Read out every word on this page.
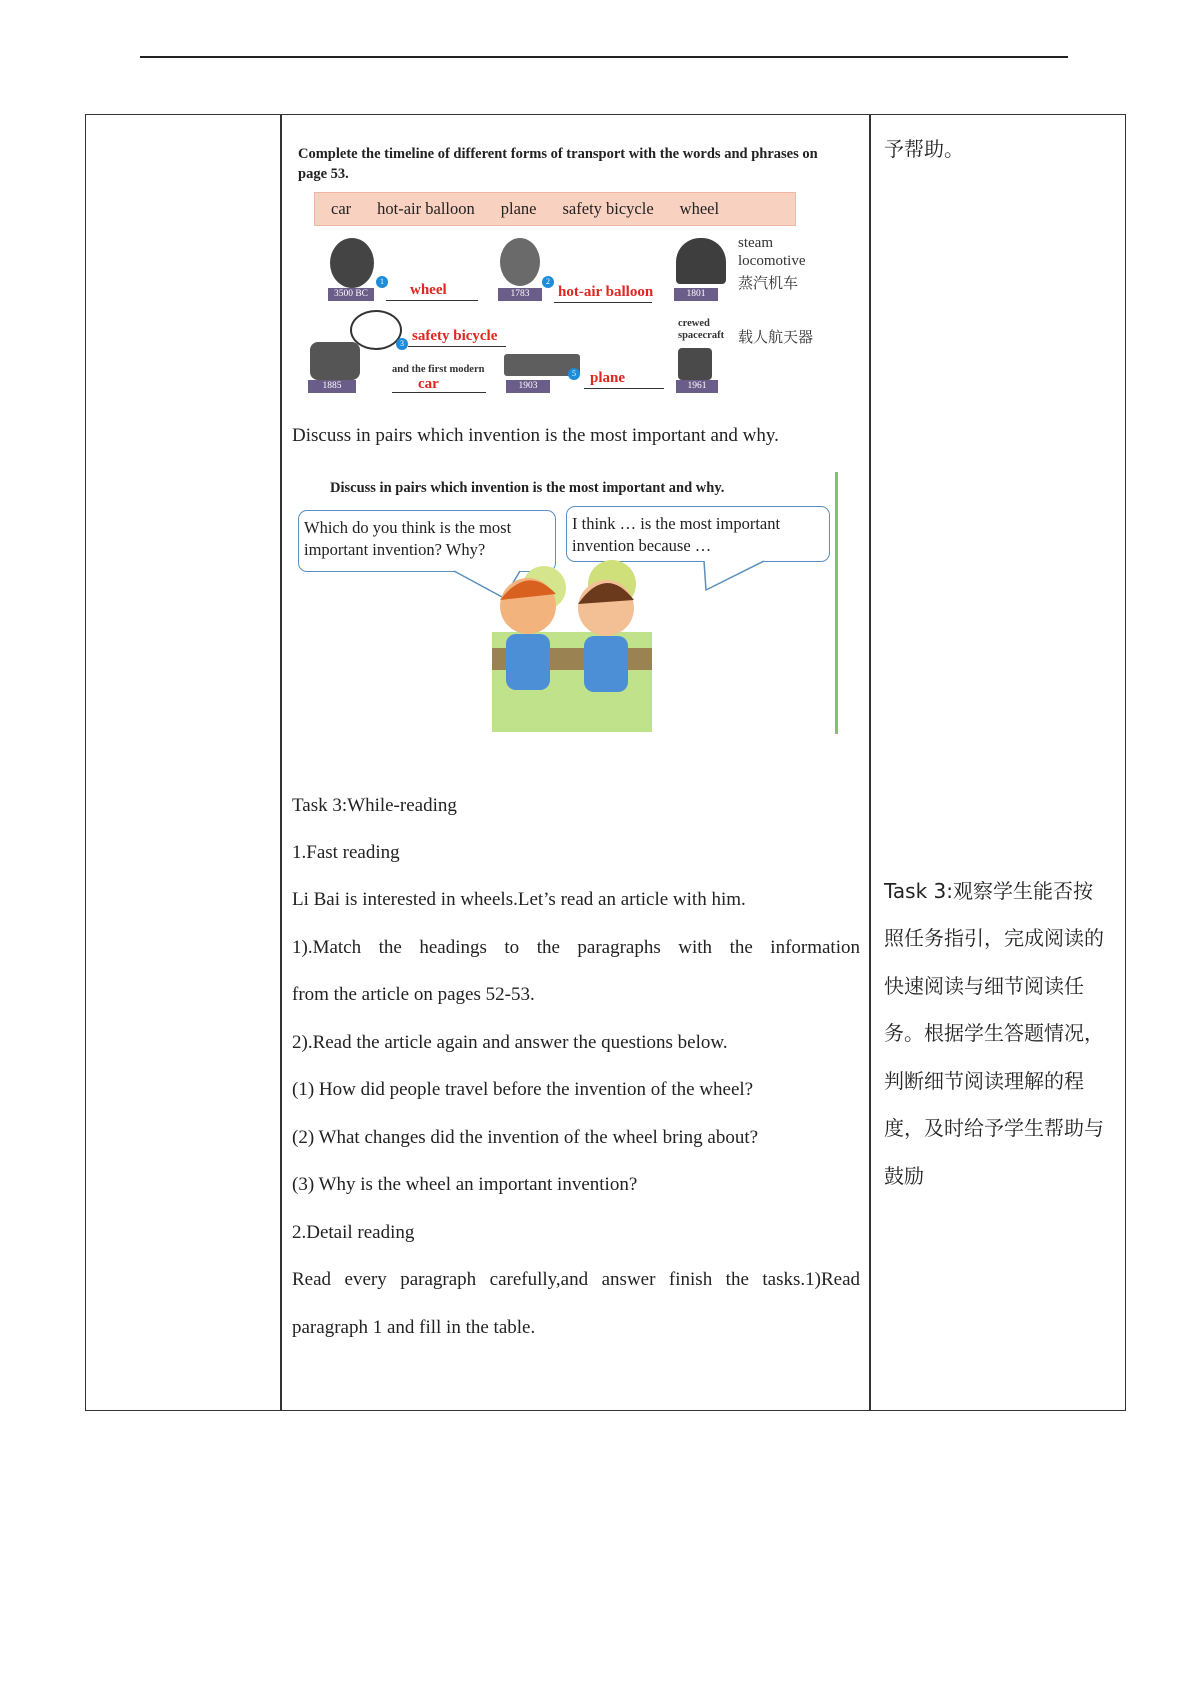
予帮助。
Complete the timeline of different forms of transport with the words and phrases on page 53.
car hot-air balloon plane safety bicycle wheel
3500 BC
1
wheel	1783
2
hot-air balloon	1801
steam
locomotive
蒸汽机车
3 safety bicycle
1885
and the first modern
car	1903
5 plane
crewed
spacecraft 载人航天器
1961
Discuss in pairs which invention is the most important and why.
Discuss in pairs which invention is the most important and why.
Which do you think is the most important invention? Why?
I think … is the most important invention because …
Task 3:While-reading
1.Fast reading
Li Bai is interested in wheels.Let’s read an article with him.
1).Match the headings to the paragraphs with the information
from the article on pages 52-53.
2).Read the article again and answer the questions below.
(1) How did people travel before the invention of the wheel?
(2) What changes did the invention of the wheel bring about?
(3) Why is the wheel an important invention?
2.Detail reading
Read every paragraph carefully,and answer finish the tasks.1)Read
paragraph 1 and fill in the table.
Task 3:观察学生能否按
照任务指引，完成阅读的
快速阅读与细节阅读任
务。根据学生答题情况，
判断细节阅读理解的程
度，及时给予学生帮助与
鼓励
